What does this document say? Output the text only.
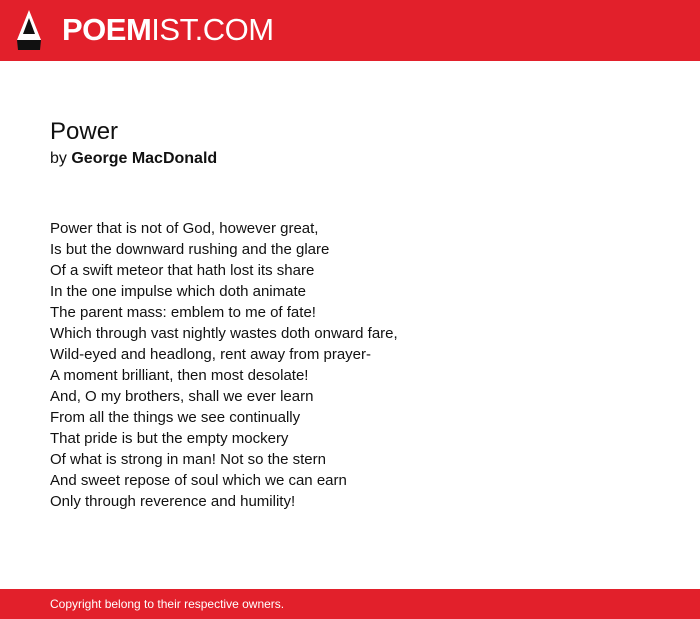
POEMIST.COM
Power
by George MacDonald
Power that is not of God, however great,
Is but the downward rushing and the glare
Of a swift meteor that hath lost its share
In the one impulse which doth animate
The parent mass: emblem to me of fate!
Which through vast nightly wastes doth onward fare,
Wild-eyed and headlong, rent away from prayer-
A moment brilliant, then most desolate!
And, O my brothers, shall we ever learn
From all the things we see continually
That pride is but the empty mockery
Of what is strong in man! Not so the stern
And sweet repose of soul which we can earn
Only through reverence and humility!
Copyright belong to their respective owners.
